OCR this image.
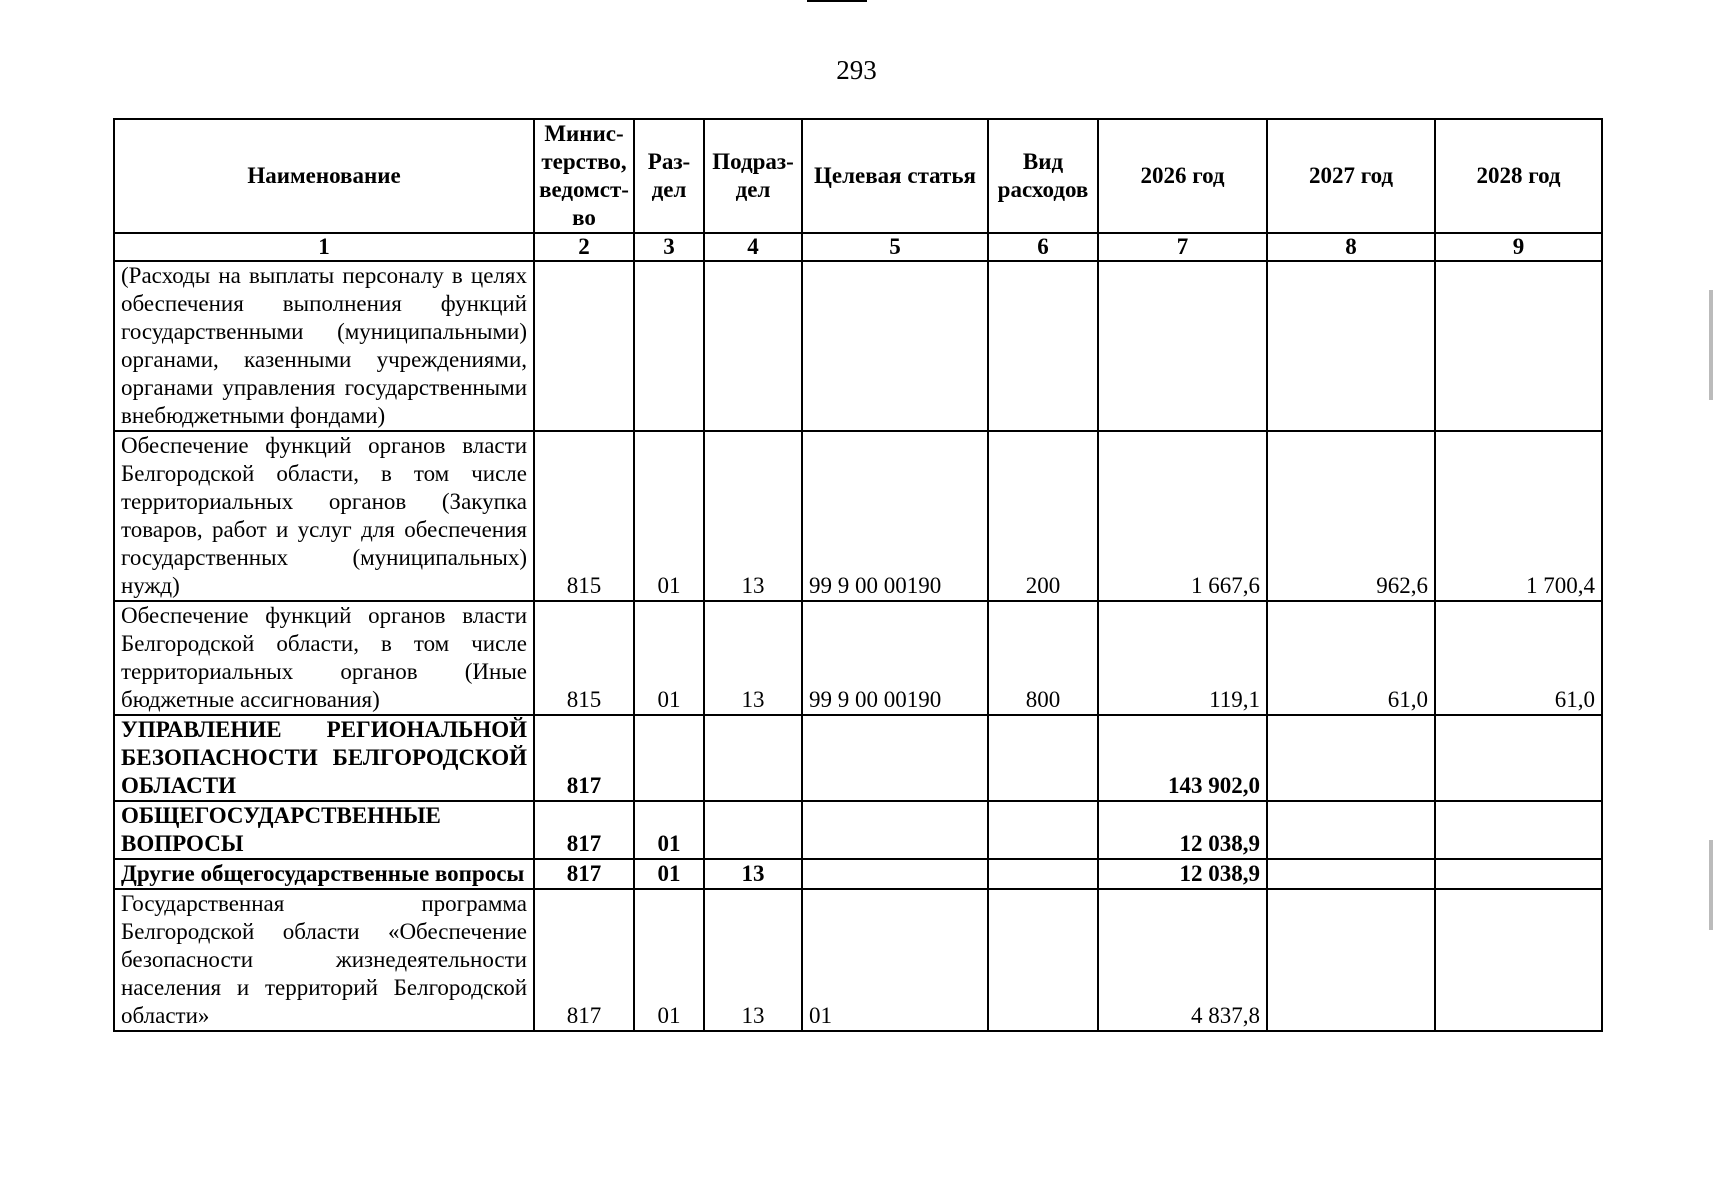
293
Наименование	Минис-терство, ведомст-во	Раз-дел	Подраз-дел	Целевая статья	Вид расходов	2026 год	2027 год	2028 год
1	2	3	4	5	6	7	8	9
(Расходы на выплаты персоналу в целях обеспечения выполнения функций государственными (муниципальными) органами, казенными учреждениями, органами управления государственными внебюджетными фондами)								
Обеспечение функций органов власти Белгородской области, в том числе территориальных органов (Закупка товаров, работ и услуг для обеспечения государственных (муниципальных) нужд)	815	01	13	99 9 00 00190	200	1 667,6	962,6	1 700,4
Обеспечение функций органов власти Белгородской области, в том числе территориальных органов (Иные бюджетные ассигнования)	815	01	13	99 9 00 00190	800	119,1	61,0	61,0
УПРАВЛЕНИЕ РЕГИОНАЛЬНОЙ БЕЗОПАСНОСТИ БЕЛГОРОДСКОЙ ОБЛАСТИ	817					143 902,0		
ОБЩЕГОСУДАРСТВЕННЫЕ ВОПРОСЫ	817	01				12 038,9		
Другие общегосударственные вопросы	817	01	13			12 038,9		
Государственная программа Белгородской области «Обеспечение безопасности жизнедеятельности населения и территорий Белгородской области»	817	01	13	01		4 837,8		
